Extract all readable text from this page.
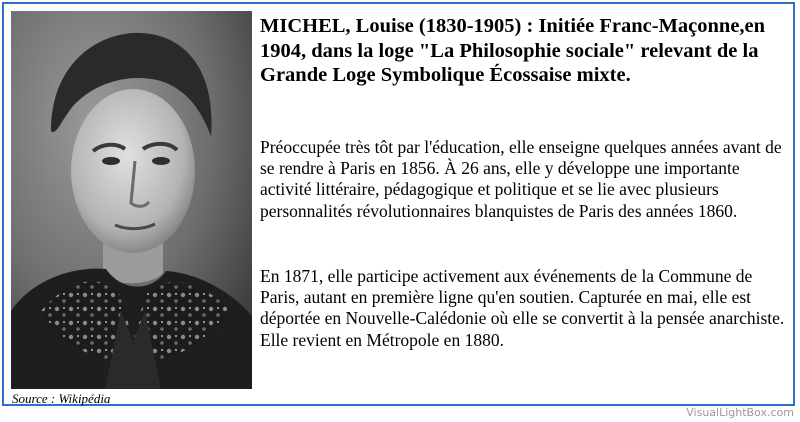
Source : Wikipédia
MICHEL, Louise (1830-1905) : Initiée Franc-Maçonne,en 1904, dans la loge "La Philosophie sociale" relevant de la Grande Loge Symbolique Écossaise mixte.

Préoccupée très tôt par l'éducation, elle enseigne quelques années avant de se rendre à Paris en 1856. À 26 ans, elle y développe une importante activité littéraire, pédagogique et politique et se lie avec plusieurs personnalités révolutionnaires blanquistes de Paris des années 1860.

En 1871, elle participe activement aux événements de la Commune de Paris, autant en première ligne qu'en soutien. Capturée en mai, elle est déportée en Nouvelle-Calédonie où elle se convertit à la pensée anarchiste. Elle revient en Métropole en 1880.

VisualLightBox.com
